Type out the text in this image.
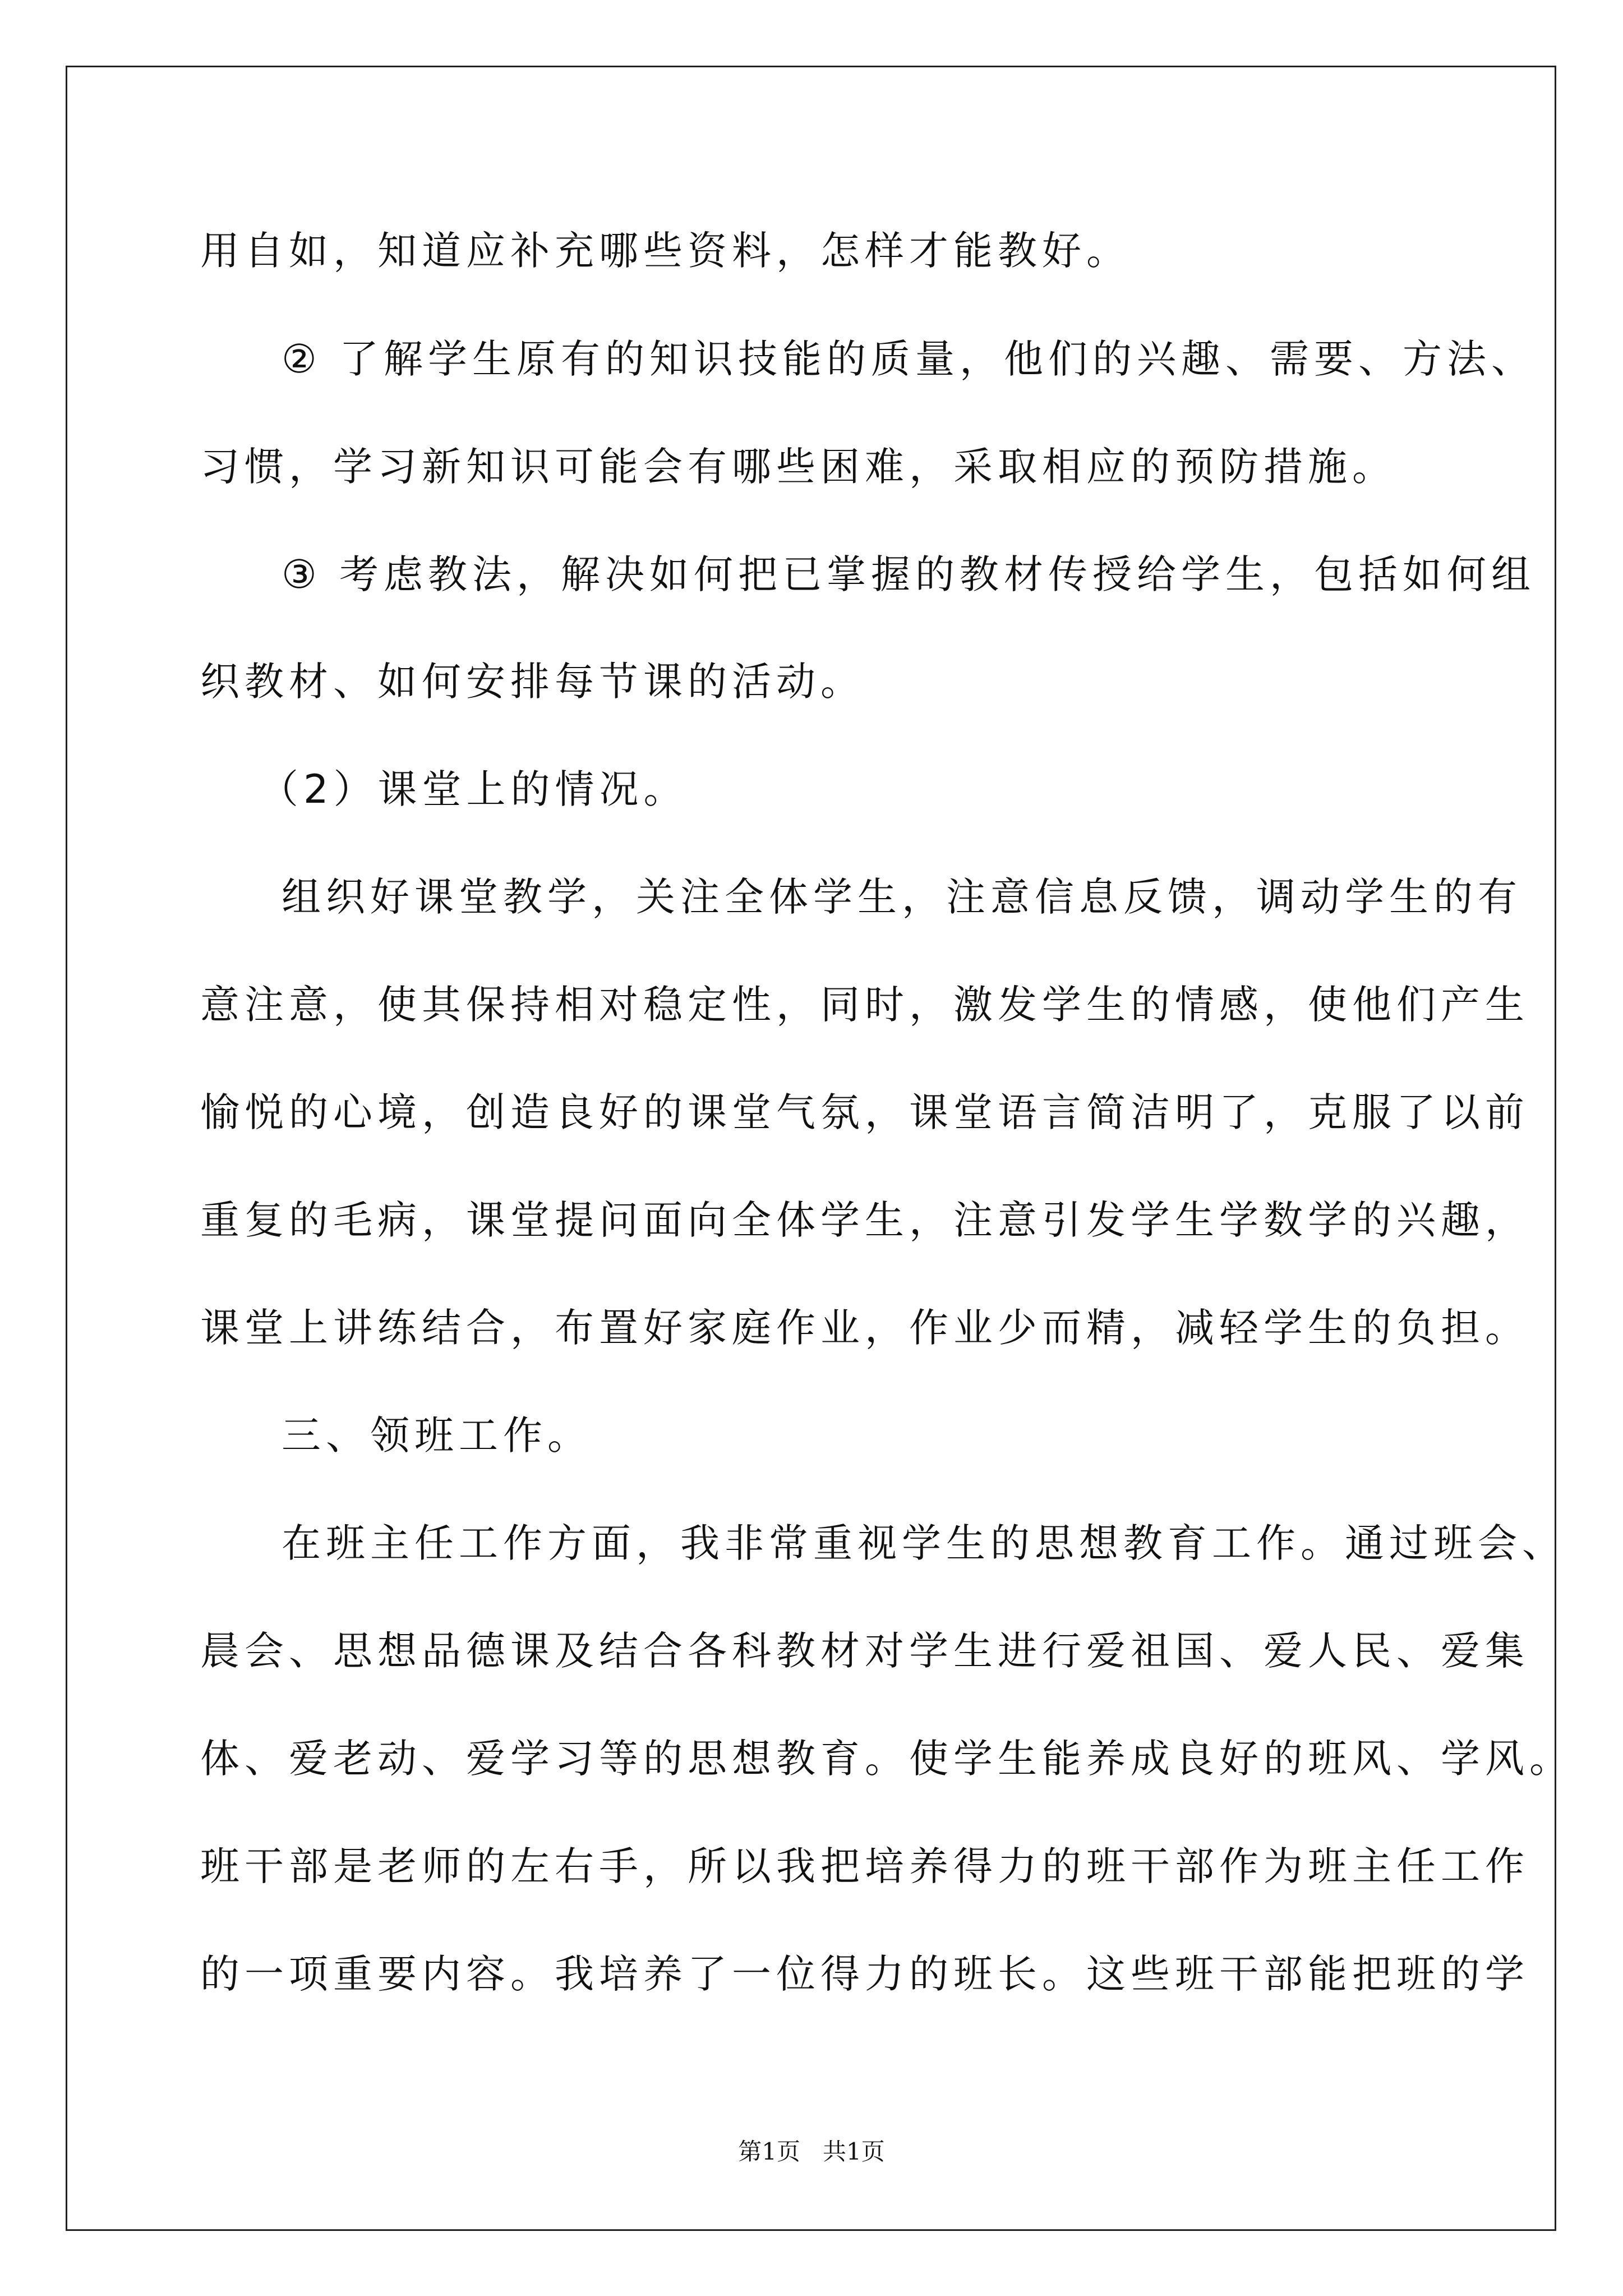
用自如，知道应补充哪些资料，怎样才能教好。
② 了解学生原有的知识技能的质量，他们的兴趣、需要、方法、
习惯，学习新知识可能会有哪些困难，采取相应的预防措施。
③ 考虑教法，解决如何把已掌握的教材传授给学生，包括如何组
织教材、如何安排每节课的活动。
（2）课堂上的情况。
组织好课堂教学，关注全体学生，注意信息反馈，调动学生的有
意注意，使其保持相对稳定性，同时，激发学生的情感，使他们产生
愉悦的心境，创造良好的课堂气氛，课堂语言简洁明了，克服了以前
重复的毛病，课堂提问面向全体学生，注意引发学生学数学的兴趣，
课堂上讲练结合，布置好家庭作业，作业少而精，减轻学生的负担。
三、领班工作。
在班主任工作方面，我非常重视学生的思想教育工作。通过班会、
晨会、思想品德课及结合各科教材对学生进行爱祖国、爱人民、爱集
体、爱老动、爱学习等的思想教育。使学生能养成良好的班风、学风。
班干部是老师的左右手，所以我把培养得力的班干部作为班主任工作
的一项重要内容。我培养了一位得力的班长。这些班干部能把班的学
第1页   共1页
